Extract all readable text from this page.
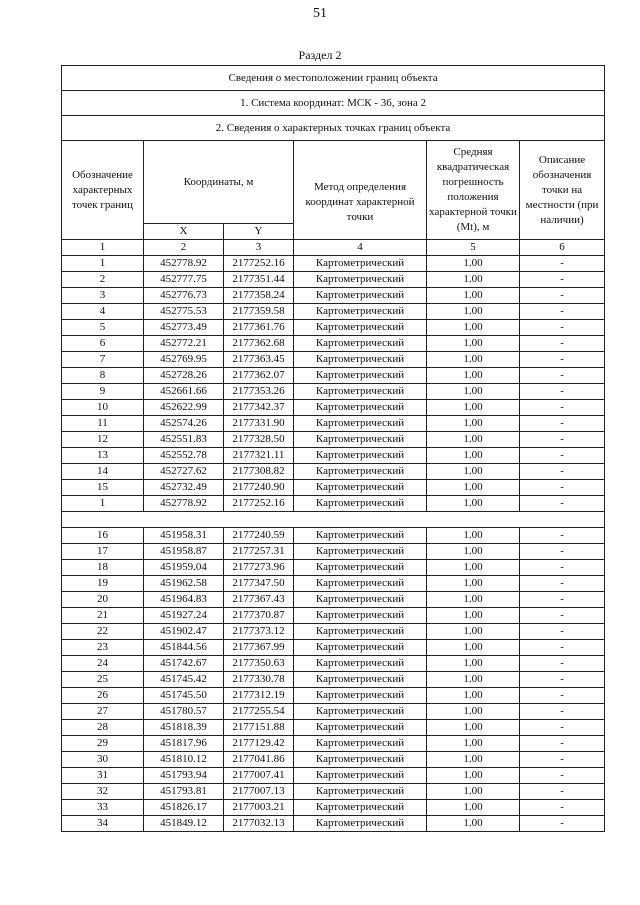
51
Раздел 2
Сведения о местоположении границ объекта					
1. Система координат: МСК - 36, зона 2					
2. Сведения о характерных точках границ объекта					
Обозначение характерных точек границ	Координаты, м		Метод определения координат характерной точки	Средняя квадратическая погрешность положения характерной точки (Mt), м	Описание обозначения точки на местности (при наличии)
	X	Y			
1	2	3	4	5	6
1	452778.92	2177252.16	Картометрический	1.00	-
2	452777.75	2177351.44	Картометрический	1.00	-
3	452776.73	2177358.24	Картометрический	1.00	-
4	452775.53	2177359.58	Картометрический	1.00	-
5	452773.49	2177361.76	Картометрический	1.00	-
6	452772.21	2177362.68	Картометрический	1.00	-
7	452769.95	2177363.45	Картометрический	1.00	-
8	452728.26	2177362.07	Картометрический	1.00	-
9	452661.66	2177353.26	Картометрический	1.00	-
10	452622.99	2177342.37	Картометрический	1.00	-
11	452574.26	2177331.90	Картометрический	1.00	-
12	452551.83	2177328.50	Картометрический	1.00	-
13	452552.78	2177321.11	Картометрический	1.00	-
14	452727.62	2177308.82	Картометрический	1.00	-
15	452732.49	2177240.90	Картометрический	1.00	-
1	452778.92	2177252.16	Картометрический	1.00	-

16	451958.31	2177240.59	Картометрический	1.00	-
17	451958.87	2177257.31	Картометрический	1.00	-
18	451959.04	2177273.96	Картометрический	1.00	-
19	451962.58	2177347.50	Картометрический	1.00	-
20	451964.83	2177367.43	Картометрический	1.00	-
21	451927.24	2177370.87	Картометрический	1.00	-
22	451902.47	2177373.12	Картометрический	1.00	-
23	451844.56	2177367.99	Картометрический	1.00	-
24	451742.67	2177350.63	Картометрический	1.00	-
25	451745.42	2177330.78	Картометрический	1.00	-
26	451745.50	2177312.19	Картометрический	1.00	-
27	451780.57	2177255.54	Картометрический	1.00	-
28	451818.39	2177151.88	Картометрический	1.00	-
29	451817.96	2177129.42	Картометрический	1.00	-
30	451810.12	2177041.86	Картометрический	1.00	-
31	451793.94	2177007.41	Картометрический	1.00	-
32	451793.81	2177007.13	Картометрический	1.00	-
33	451826.17	2177003.21	Картометрический	1.00	-
34	451849.12	2177032.13	Картометрический	1.00	-
